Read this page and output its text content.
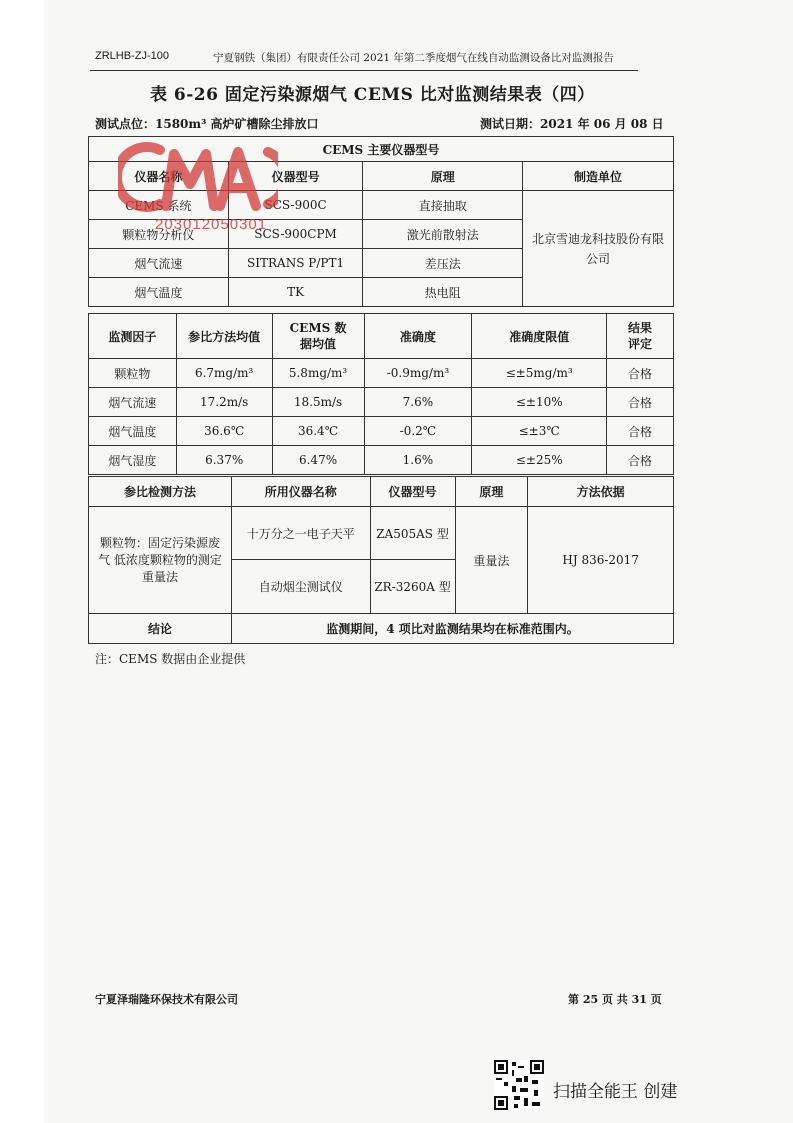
ZRLHB-ZJ-100	宁夏钢铁（集团）有限责任公司 2021 年第二季度烟气在线自动监测设备比对监测报告
表 6-26 固定污染源烟气 CEMS 比对监测结果表（四）
测试点位：1580m³ 高炉矿槽除尘排放口	测试日期：2021 年 06 月 08 日
CEMS 主要仪器型号			
仪器名称	仪器型号	原理	制造单位
CEMS 系统	SCS-900C	直接抽取	北京雪迪龙科技股份有限公司
颗粒物分析仪	SCS-900CPM	激光前散射法	
烟气流速	SITRANS P/PT1	差压法	
烟气温度	TK	热电阻	
2030120503​01
监测因子	参比方法均值	CEMS 数据均值	准确度	准确度限值	结果评定
颗粒物	6.7mg/m³	5.8mg/m³	-0.9mg/m³	≤±5mg/m³	合格
烟气流速	17.2m/s	18.5m/s	7.6%	≤±10%	合格
烟气温度	36.6℃	36.4℃	-0.2℃	≤±3℃	合格
烟气湿度	6.37%	6.47%	1.6%	≤±25%	合格
参比检测方法	所用仪器名称	仪器型号	原理	方法依据
颗粒物：固定污染源废气 低浓度颗粒物的测定 重量法	十万分之一电子天平	ZA505AS 型	重量法	HJ 836-2017
	自动烟尘测试仪	ZR-3260A 型		
结论	监测期间，4 项比对监测结果均在标准范围内。			
注：CEMS 数据由企业提供
宁夏泽瑞隆环保技术有限公司	第 25 页 共 31 页
扫描全能王 创建
